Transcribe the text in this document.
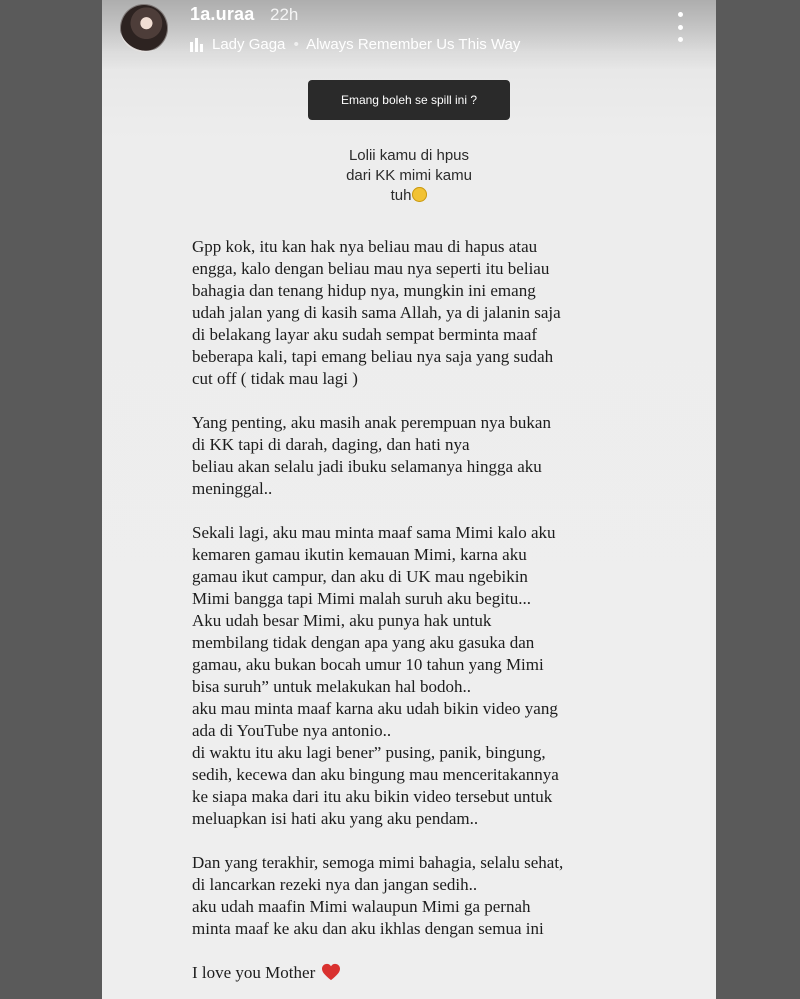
1a.uraa 22h
Lady Gaga • Always Remember Us This Way
Emang boleh se spill ini ?
Lolii kamu di hpus
dari KK mimi kamu
tuh
Gpp kok, itu kan hak nya beliau mau di hapus atau
engga, kalo dengan beliau mau nya seperti itu beliau
bahagia dan tenang hidup nya, mungkin ini emang
udah jalan yang di kasih sama Allah, ya di jalanin saja
di belakang layar aku sudah sempat berminta maaf
beberapa kali, tapi emang beliau nya saja yang sudah
cut off ( tidak mau lagi )
Yang penting, aku masih anak perempuan nya bukan
di KK tapi di darah, daging, dan hati nya
beliau akan selalu jadi ibuku selamanya hingga aku
meninggal..
Sekali lagi, aku mau minta maaf sama Mimi kalo aku
kemaren gamau ikutin kemauan Mimi, karna aku
gamau ikut campur, dan aku di UK mau ngebikin
Mimi bangga tapi Mimi malah suruh aku begitu...
Aku udah besar Mimi, aku punya hak untuk
membilang tidak dengan apa yang aku gasuka dan
gamau, aku bukan bocah umur 10 tahun yang Mimi
bisa suruh” untuk melakukan hal bodoh..
aku mau minta maaf karna aku udah bikin video yang
ada di YouTube nya antonio..
di waktu itu aku lagi bener” pusing, panik, bingung,
sedih, kecewa dan aku bingung mau menceritakannya
ke siapa maka dari itu aku bikin video tersebut untuk
meluapkan isi hati aku yang aku pendam..
Dan yang terakhir, semoga mimi bahagia, selalu sehat,
di lancarkan rezeki nya dan jangan sedih..
aku udah maafin Mimi walaupun Mimi ga pernah
minta maaf ke aku dan aku ikhlas dengan semua ini
I love you Mother
